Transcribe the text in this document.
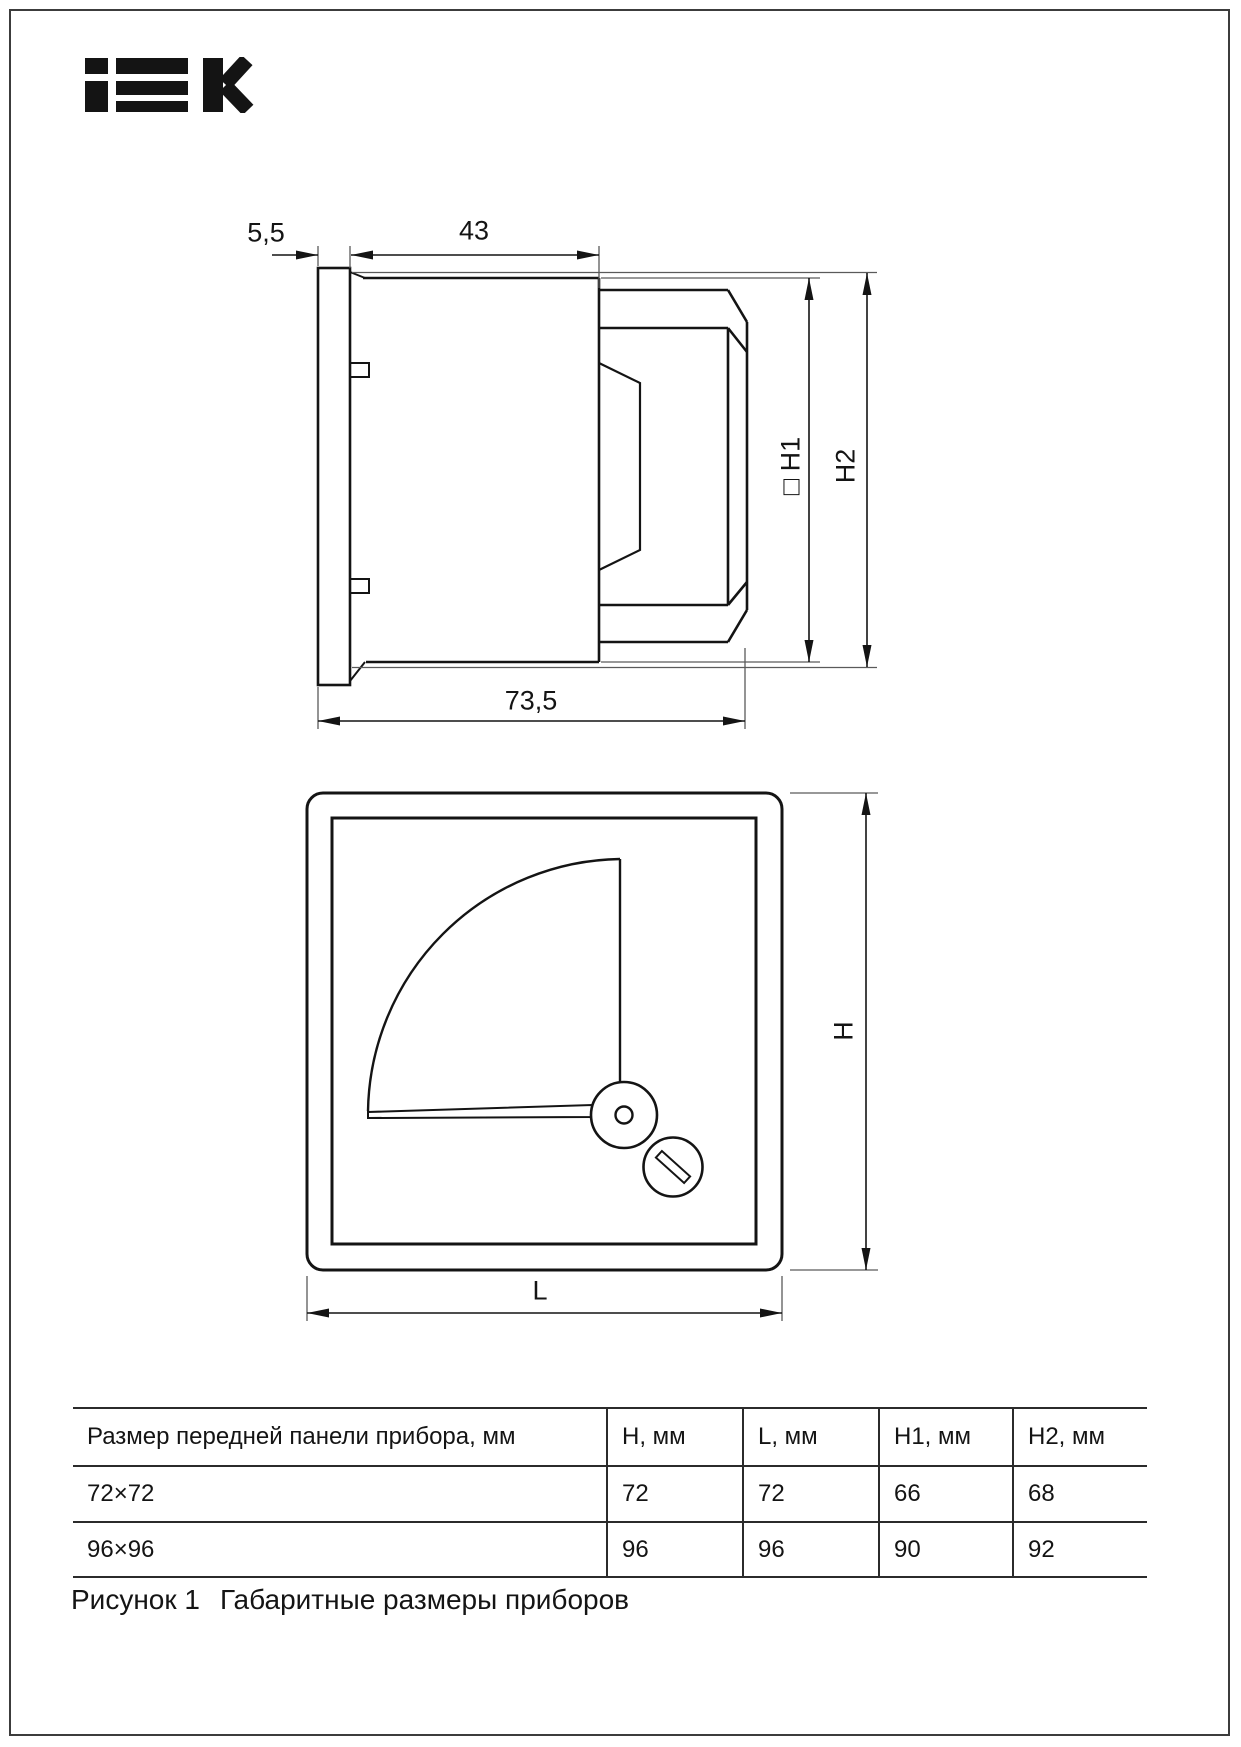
5,5	43
73,5
□ H1 H2
H
L
Размер передней панели прибора, мм	H, мм	L, мм	H1, мм	H2, мм
72×72	72	72	66	68
96×96	96	96	90	92
Рисунок 1 Габаритные размеры приборов
